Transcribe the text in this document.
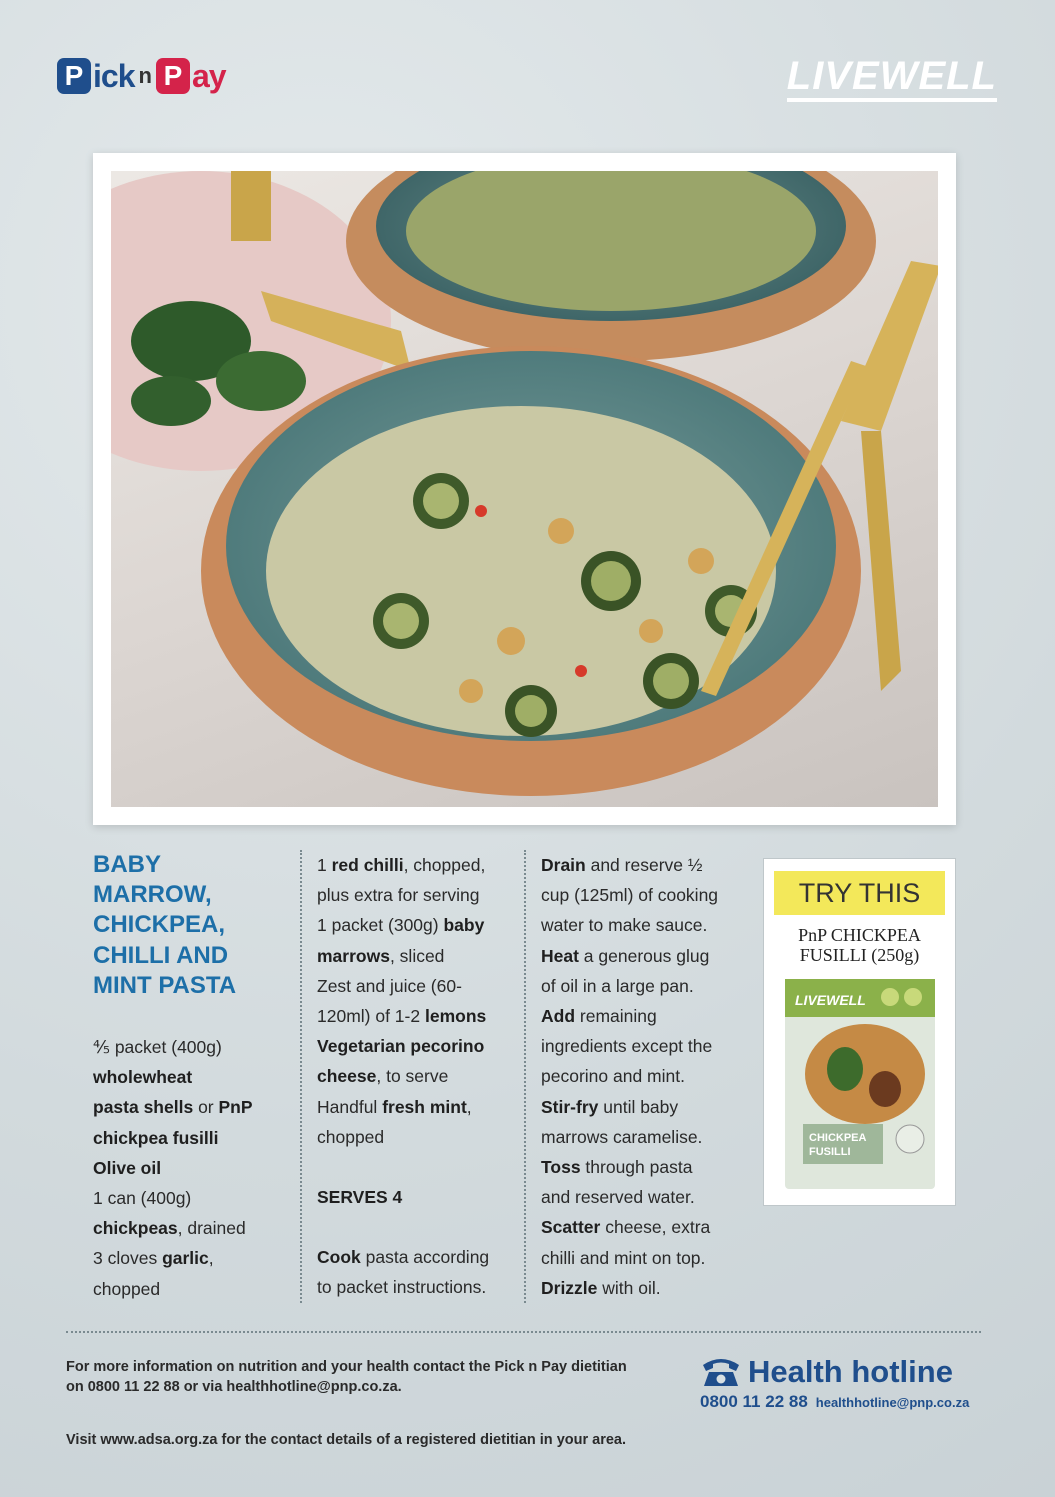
P ick n P ay	LIVEWELL
BABY
MARROW,
CHICKPEA,
CHILLI AND
MINT PASTA
⅘ packet (400g)
wholewheat
pasta shells or PnP
chickpea fusilli
Olive oil
1 can (400g)
chickpeas, drained
3 cloves garlic,
chopped
1 red chilli, chopped,
plus extra for serving
1 packet (300g) baby
marrows, sliced
Zest and juice (60-
120ml) of 1-2 lemons
Vegetarian pecorino
cheese, to serve
Handful fresh mint,
chopped
SERVES 4
Cook pasta according
to packet instructions.
Drain and reserve ½
cup (125ml) of cooking
water to make sauce.
Heat a generous glug
of oil in a large pan.
Add remaining
ingredients except the
pecorino and mint.
Stir-fry until baby
marrows caramelise.
Toss through pasta
and reserved water.
Scatter cheese, extra
chilli and mint on top.
Drizzle with oil.
TRY THIS
PnP CHICKPEA
FUSILLI (250g)
LIVEWELL
CHICKPEA
FUSILLI
For more information on nutrition and your health contact the Pick n Pay dietitian
on 0800 11 22 88 or via healthhotline@pnp.co.za.
Visit www.adsa.org.za for the contact details of a registered dietitian in your area.
Health hotline
0800 11 22 88 healthhotline@pnp.co.za
